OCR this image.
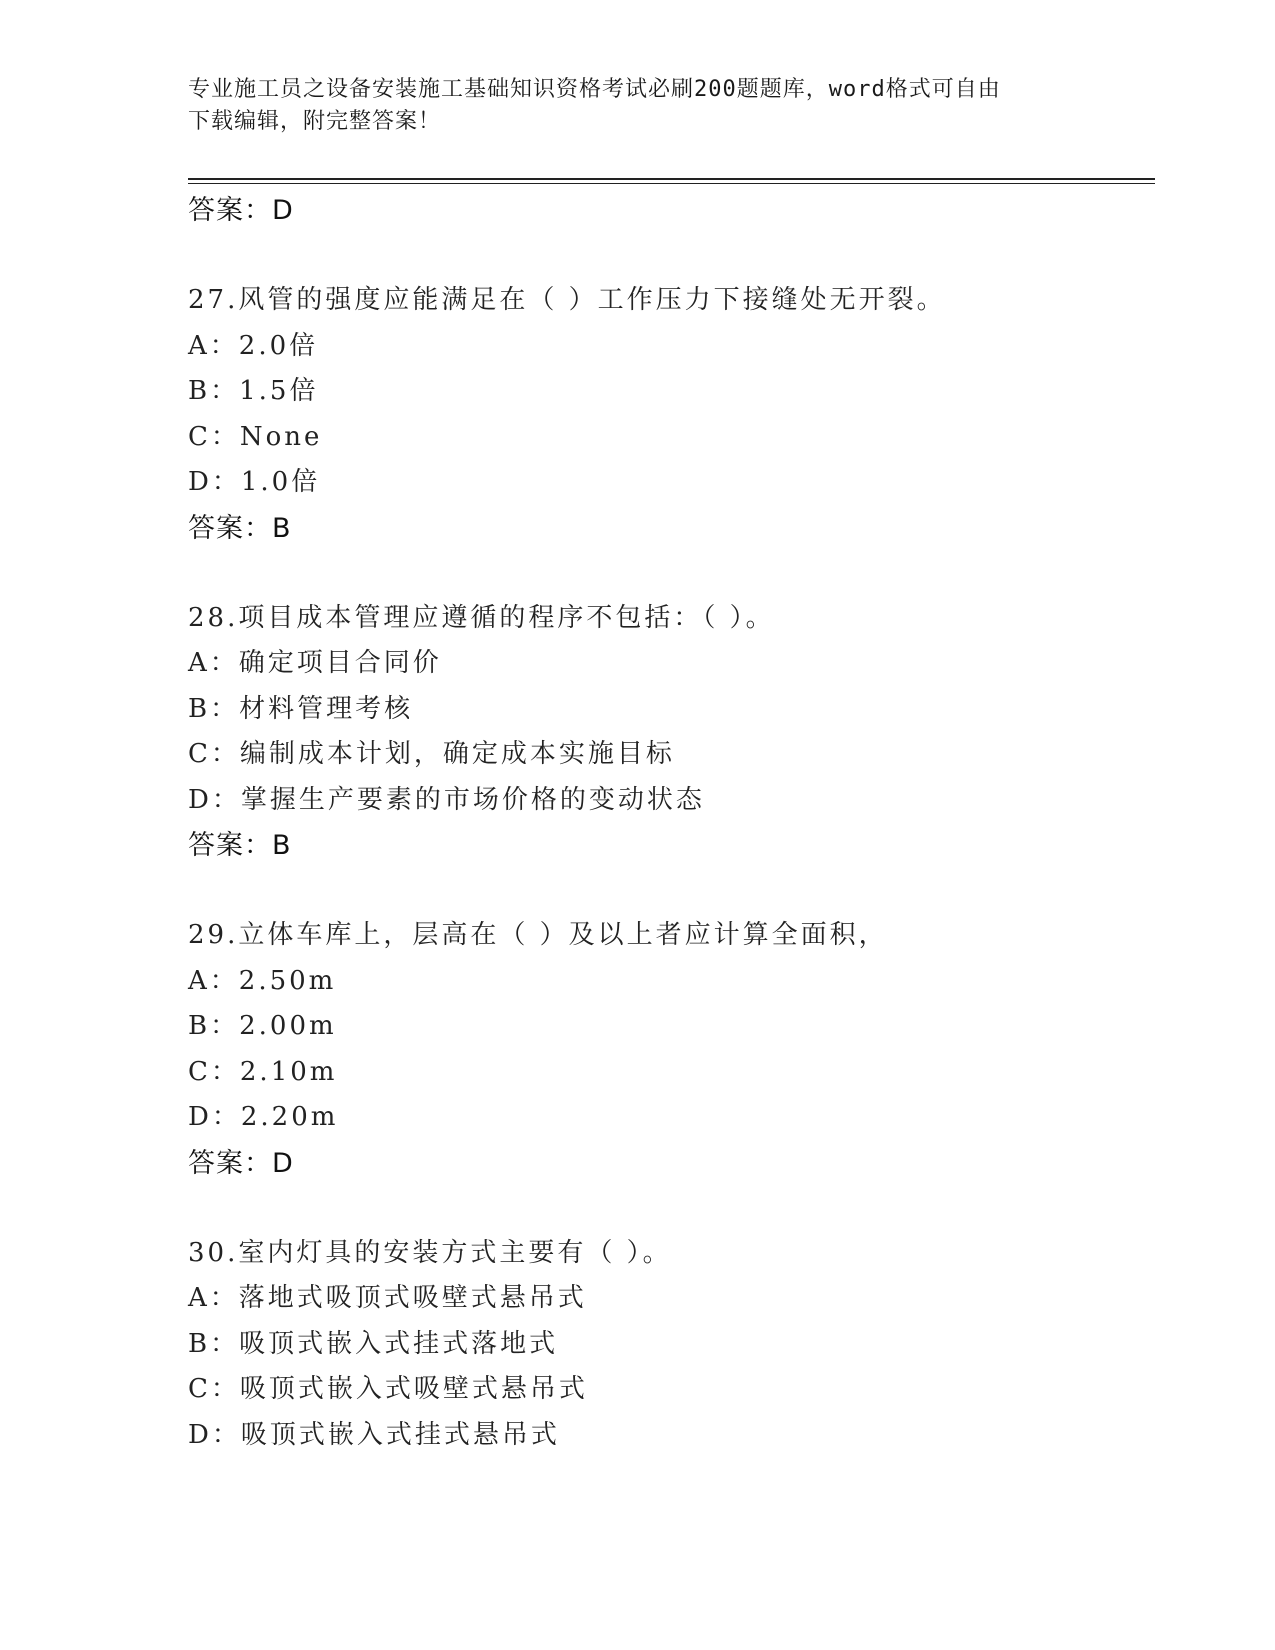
专业施工员之设备安装施工基础知识资格考试必刷200题题库，word格式可自由
下载编辑，附完整答案！
答案：D
27.风管的强度应能满足在（ ）工作压力下接缝处无开裂。
A：2.0倍
B：1.5倍
C：None
D：1.0倍
答案：B
28.项目成本管理应遵循的程序不包括：（ ）。
A：确定项目合同价
B：材料管理考核
C：编制成本计划，确定成本实施目标
D：掌握生产要素的市场价格的变动状态
答案：B
29.立体车库上，层高在（ ）及以上者应计算全面积，
A：2.50m
B：2.00m
C：2.10m
D：2.20m
答案：D
30.室内灯具的安装方式主要有（ ）。
A：落地式吸顶式吸壁式悬吊式
B：吸顶式嵌入式挂式落地式
C：吸顶式嵌入式吸壁式悬吊式
D：吸顶式嵌入式挂式悬吊式
